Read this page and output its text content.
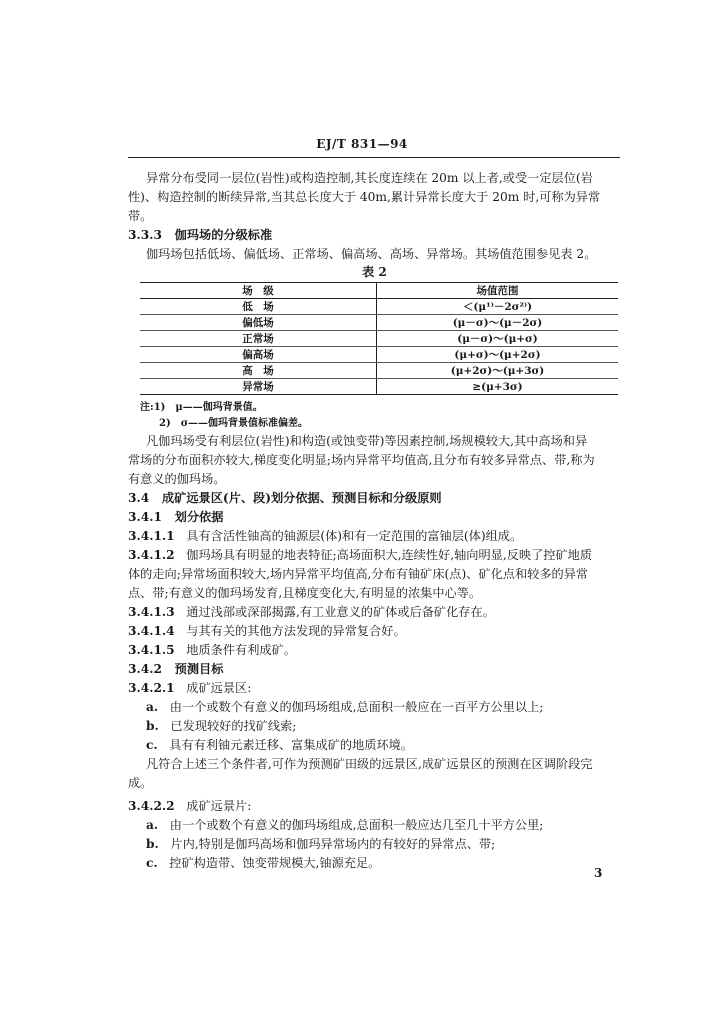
EJ/T 831—94
异常分布受同一层位(岩性)或构造控制,其长度连续在 20m 以上者,或受一定层位(岩
性)、构造控制的断续异常,当其总长度大于 40m,累计异常长度大于 20m 时,可称为异常
带。
3.3.3 伽玛场的分级标准
伽玛场包括低场、偏低场、正常场、偏高场、高场、异常场。其场值范围参见表 2。
表 2
场　级	场值范围
低　场	＜(μ¹⁾－2σ²⁾)
偏低场	(μ－σ)～(μ－2σ)
正常场	(μ－σ)～(μ+σ)
偏高场	(μ+σ)～(μ+2σ)
高　场	(μ+2σ)～(μ+3σ)
异常场	≥(μ+3σ)
注:1)　μ——伽玛背景值。
2)　σ——伽玛背景值标准偏差。
凡伽玛场受有利层位(岩性)和构造(或蚀变带)等因素控制,场规模较大,其中高场和异
常场的分布面积亦较大,梯度变化明显;场内异常平均值高,且分布有较多异常点、带,称为
有意义的伽玛场。
3.4 成矿远景区(片、段)划分依据、预测目标和分级原则
3.4.1 划分依据
3.4.1.1 具有含活性铀高的铀源层(体)和有一定范围的富铀层(体)组成。
3.4.1.2 伽玛场具有明显的地表特征;高场面积大,连续性好,轴向明显,反映了控矿地质
体的走向;异常场面积较大,场内异常平均值高,分布有铀矿床(点)、矿化点和较多的异常
点、带;有意义的伽玛场发育,且梯度变化大,有明显的浓集中心等。
3.4.1.3 通过浅部或深部揭露,有工业意义的矿体或后备矿化存在。
3.4.1.4 与其有关的其他方法发现的异常复合好。
3.4.1.5 地质条件有利成矿。
3.4.2 预测目标
3.4.2.1 成矿远景区:
a. 由一个或数个有意义的伽玛场组成,总面积一般应在一百平方公里以上;
b. 已发现较好的找矿线索;
c. 具有有利铀元素迁移、富集成矿的地质环境。
凡符合上述三个条件者,可作为预测矿田级的远景区,成矿远景区的预测在区调阶段完
成。
3.4.2.2 成矿远景片:
a. 由一个或数个有意义的伽玛场组成,总面积一般应达几至几十平方公里;
b. 片内,特别是伽玛高场和伽玛异常场内的有较好的异常点、带;
c. 控矿构造带、蚀变带规模大,铀源充足。
3
